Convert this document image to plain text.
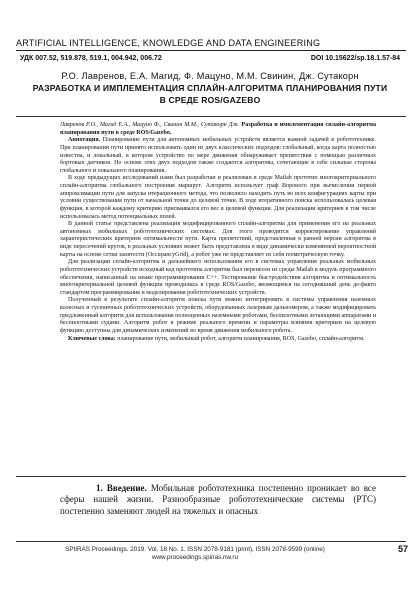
ARTIFICIAL INTELLIGENCE, KNOWLEDGE AND DATA ENGINEERING
УДК 007.52, 519.878, 519.1, 004.942, 006.72	DOI 10.15622/sp.18.1.57-84
Р.О. Лавренов, Е.А. Магид, Ф. Мацуно, М.М. Свинин, Дж. Сутакорн
РАЗРАБОТКА И ИМПЛЕМЕНТАЦИЯ СПЛАЙН-АЛГОРИТМА ПЛАНИРОВАНИЯ ПУТИ В СРЕДЕ ROS/GAZEBO

Лавренов Р.О., Магид Е.А., Мацуно Ф., Свинин М.М., Сутакорн Дж. Разработка и имплементация сплайн-алгоритма планирования пути в среде ROS/Gazebo.

Аннотация. Планирование пути для автономных мобильных устройств является важной задачей в робототехнике. При планировании пути принято использовать один из двух классических подходов: глобальный, когда карта полностью известна, и локальный, в котором устройство по мере движения обнаруживает препятствия с помощью различных бортовых датчиков. Но основе этих двух подходов также создаются алгоритмы, сочетающие в себе сильные стороны глобального и локального планирования.

В ходе предыдущих исследований нами был разработан и реализован в среде Matlab прототип многокритериального сплайн-алгоритма глобального построения маршрут. Алгоритм использует граф Вороного при вычислении первой аппроксимации пути для запуска итерационного метода, что позволило находить путь во всех конфигурациях карты при условии существования пути от начальной точки до целевой точки. В ходе итеративного поиска использовалась целевая функция, в которой каждому критерию присваивался его вес в целевой функции. Для реализации критериев в том числе использовалась метод потенциальных полей.

В данной статье представлена реализация модифицированного сплайн-алгоритма для применения его на реальных автономных мобильных робототехнических системах. Для этого проводится корректирование управлений характеристических критериев оптимальности пути. Карта препятствий, представленная в ранней версии алгоритма в виде пересечений кругов, в реальных условиях может быть представлена в виде динамически изменяемой вероятностной карты на основе сетки занятости (OccupancyGrid), а робот уже не представляет из себя геометрическую точку.

Для реализации сплайн-алгоритма и дальнейшего использования его в системах управления реальных мобильных робототехнических устройств исходный код прототипа алгоритма был перенесен из среды Matlab в модуль программного обеспечения, написанный на языке программирования C++. Тестирование быстродействия алгоритма и оптимальность многокритериальной целевой функции проводились в среде ROS/Gazebo, являющимся на сегодняшний день де-факто стандартом программирования и моделирования робототехнических устройств.

Полученный в результате сплайн-алгоритм поиска пути можно интегрировать в системы управления наземных колесных и гусеничных робототехнических устройств, оборудованных лазерным дальномером, а также модифицировать предложенный алгоритм для использования полноценных наземными роботами, беспилотными летающими аппаратами и беспилотными судами. Алгоритм робот в режиме реального времени и параметры влияния критериев на целевую функцию доступны для динамических изменений во время движения мобильного робота.

Ключевые слова: планирование пути, мобильный робот, алгоритм планирования, ROS, Gazebo, сплайн-алгоритм.

1. Введение. Мобильная робототехника постепенно проникает во все сферы нашей жизни. Разнообразные робототехнические системы (РТС) постепенно заменяют людей на тяжелых и опасных

SPIIRAS Proceedings. 2019. Vol. 18 No. 1. ISSN 2078-9181 (print), ISSN 2078-9599 (online)
www.proceedings.spiiras.nw.ru
57
